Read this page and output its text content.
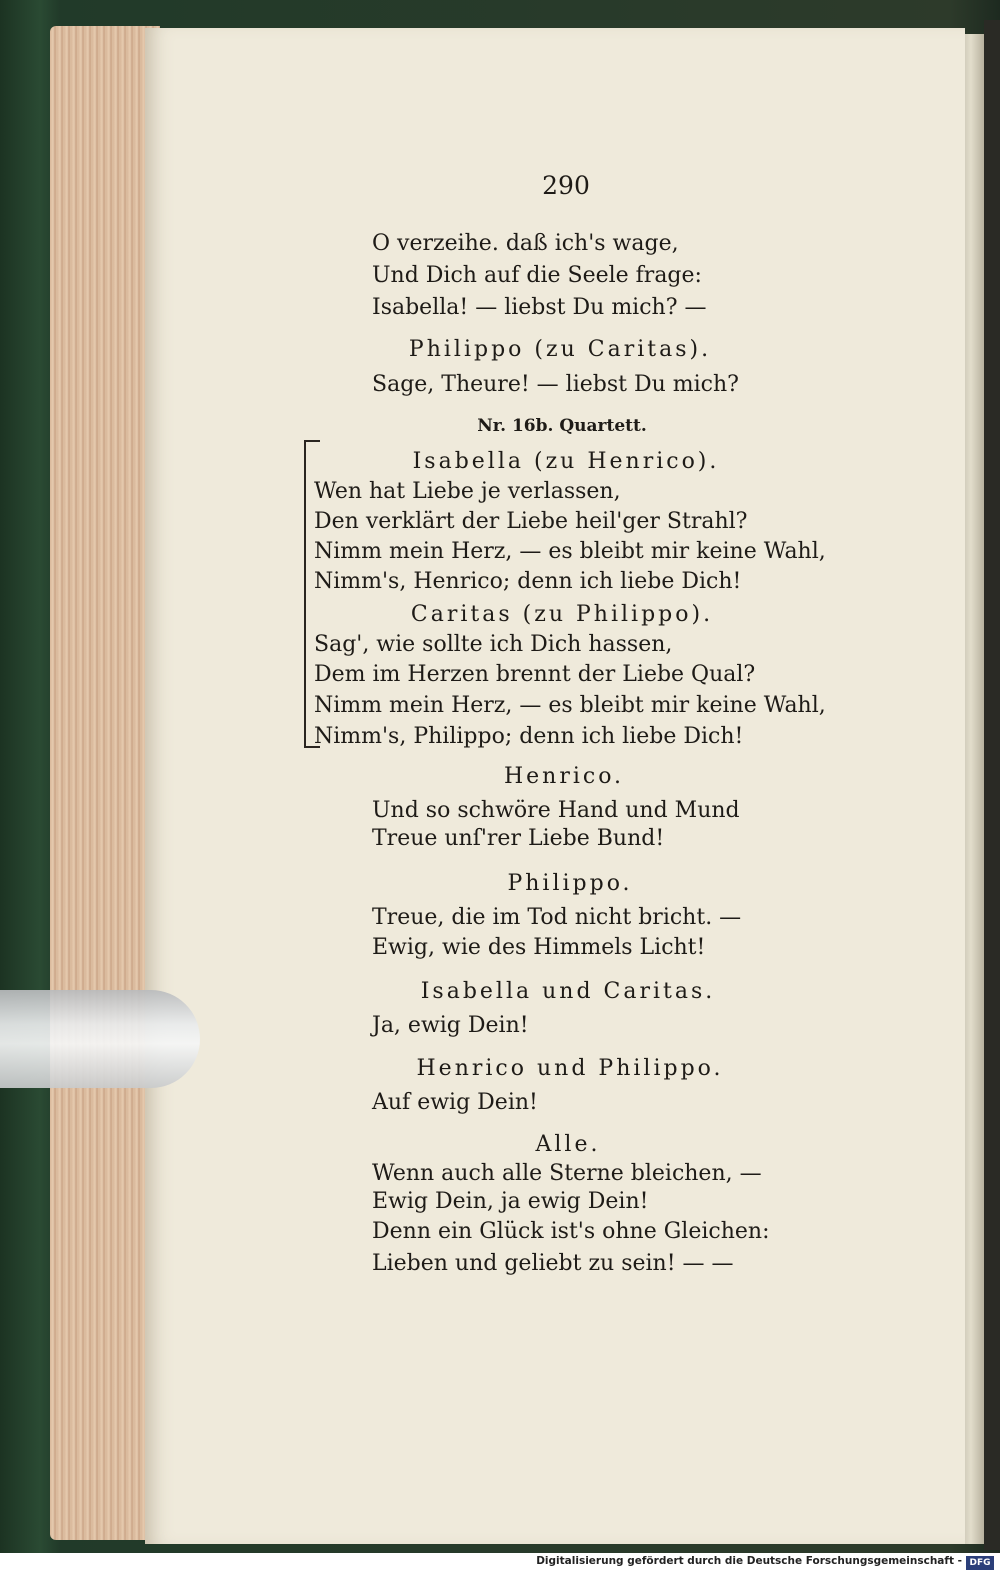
290

O verzeihe. daß ich's wage,

Und Dich auf die Seele frage:

Isabella! — liebst Du mich? —

Philippo (zu Caritas).

Sage, Theure! — liebst Du mich?

Nr. 16b. Quartett.

Isabella (zu Henrico).

Wen hat Liebe je verlassen,

Den verklärt der Liebe heil'ger Strahl?

Nimm mein Herz, — es bleibt mir keine Wahl,

Nimm's, Henrico; denn ich liebe Dich!

Caritas (zu Philippo).

Sag', wie sollte ich Dich hassen,

Dem im Herzen brennt der Liebe Qual?

Nimm mein Herz, — es bleibt mir keine Wahl,

Nimm's, Philippo; denn ich liebe Dich!

Henrico.

Und so schwöre Hand und Mund

Treue unſ'rer Liebe Bund!

Philippo.

Treue, die im Tod nicht bricht. —

Ewig, wie des Himmels Licht!

Isabella und Caritas.

Ja, ewig Dein!

Henrico und Philippo.

Auf ewig Dein!

Alle.

Wenn auch alle Sterne bleichen, —

Ewig Dein, ja ewig Dein!

Denn ein Glück ist's ohne Gleichen:

Lieben und geliebt zu sein! — —

Digitalisierung gefördert durch die Deutsche Forschungsgemeinschaft - DFG
